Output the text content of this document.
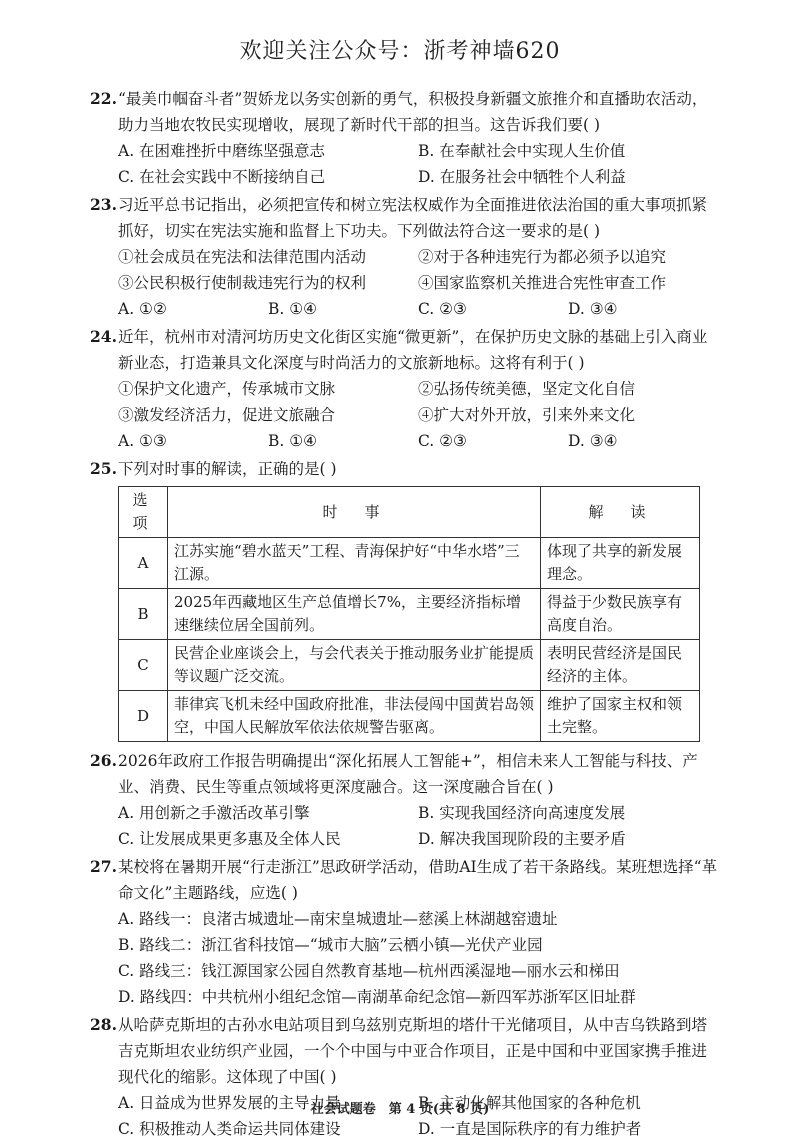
欢迎关注公众号：浙考神墙620
22.“最美巾帼奋斗者”贺娇龙以务实创新的勇气，积极投身新疆文旅推介和直播助农活动，助力当地农牧民实现增收，展现了新时代干部的担当。这告诉我们要( )
A. 在困难挫折中磨练坚强意志	B. 在奉献社会中实现人生价值
C. 在社会实践中不断接纳自己	D. 在服务社会中牺牲个人利益
23.习近平总书记指出，必须把宣传和树立宪法权威作为全面推进依法治国的重大事项抓紧抓好，切实在宪法实施和监督上下功夫。下列做法符合这一要求的是( )
①社会成员在宪法和法律范围内活动	②对于各种违宪行为都必须予以追究
③公民积极行使制裁违宪行为的权利	④国家监察机关推进合宪性审查工作
A. ①②	B. ①④	C. ②③	D. ③④
24.近年，杭州市对清河坊历史文化街区实施“微更新”，在保护历史文脉的基础上引入商业新业态，打造兼具文化深度与时尚活力的文旅新地标。这将有利于( )
①保护文化遗产，传承城市文脉	②弘扬传统美德，坚定文化自信
③激发经济活力，促进文旅融合	④扩大对外开放，引来外来文化
A. ①③	B. ①④	C. ②③	D. ③④
25.下列对时事的解读，正确的是( )
选项	时　事	解　读
A	江苏实施“碧水蓝天”工程、青海保护好“中华水塔”三江源。	体现了共享的新发展理念。
B	2025年西藏地区生产总值增长7%，主要经济指标增速继续位居全国前列。	得益于少数民族享有高度自治。
C	民营企业座谈会上，与会代表关于推动服务业扩能提质等议题广泛交流。	表明民营经济是国民经济的主体。
D	菲律宾飞机未经中国政府批准，非法侵闯中国黄岩岛领空，中国人民解放军依法依规警告驱离。	维护了国家主权和领土完整。
26.2026年政府工作报告明确提出“深化拓展人工智能+”，相信未来人工智能与科技、产业、消费、民生等重点领域将更深度融合。这一深度融合旨在( )
A. 用创新之手激活改革引擎	B. 实现我国经济向高速度发展
C. 让发展成果更多惠及全体人民	D. 解决我国现阶段的主要矛盾
27.某校将在暑期开展“行走浙江”思政研学活动，借助AI生成了若干条路线。某班想选择“革命文化”主题路线，应选( )
A. 路线一：良渚古城遗址—南宋皇城遗址—慈溪上林湖越窑遗址
B. 路线二：浙江省科技馆—“城市大脑”云栖小镇—光伏产业园
C. 路线三：钱江源国家公园自然教育基地—杭州西溪湿地—丽水云和梯田
D. 路线四：中共杭州小组纪念馆—南湖革命纪念馆—新四军苏浙军区旧址群
28.从哈萨克斯坦的古孙水电站项目到乌兹别克斯坦的塔什干光储项目，从中吉乌铁路到塔吉克斯坦农业纺织产业园，一个个中国与中亚合作项目，正是中国和中亚国家携手推进现代化的缩影。这体现了中国( )
A. 日益成为世界发展的主导力量	B. 主动化解其他国家的各种危机
C. 积极推动人类命运共同体建设	D. 一直是国际秩序的有力维护者
社会试题卷　第 4 页(共 8 页)
